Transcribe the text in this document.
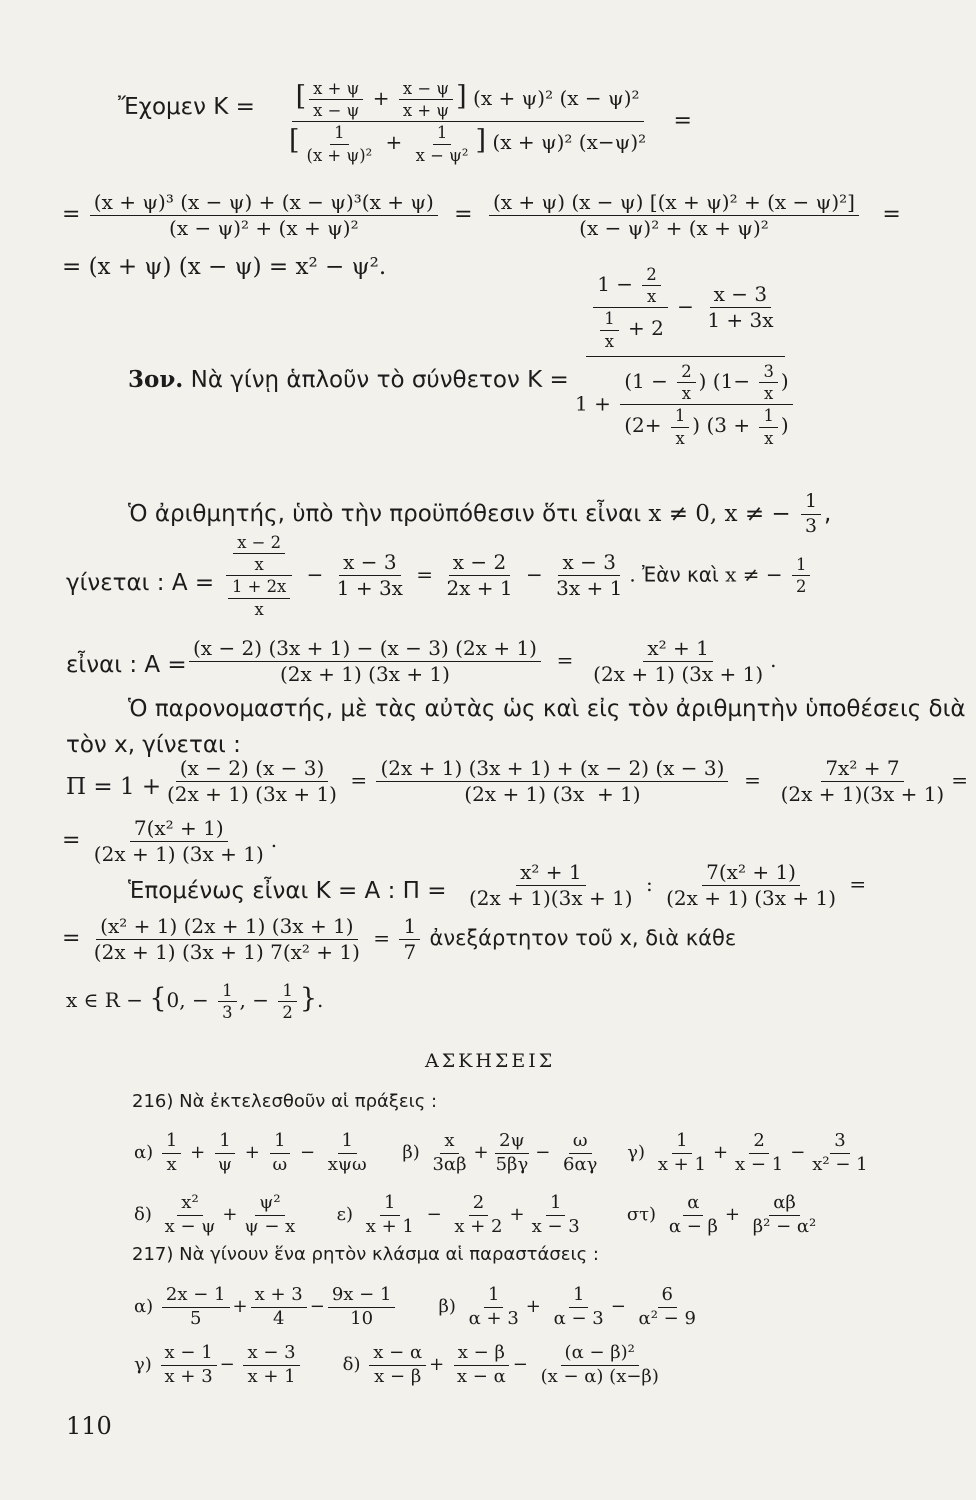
Ἔχομεν $K = \frac{[ \frac{x + \psi}{x - \psi} + \frac{x - \psi}{x + \psi} ] (x + \psi)^2 (x - \psi)^2}{[ \frac{1}{\text{(x + ψ)²}} + \frac{1}{\text{x − ψ²}} ] (x + \psi)^2 (x-\psi)^2}$ =
= $\frac{\text{(x + ψ)³ (x − ψ) + (x − ψ)³(x + ψ)}}{\text{(x − ψ)² + (x + ψ)²}} = \frac{\text{(x + ψ) (x − ψ) [(x + ψ)² + (x − ψ)²]}}{\text{(x − ψ)² + (x + ψ)²}}$ =
= (x + ψ) (x − ψ) = x² − ψ².
3ον. Νὰ γίνῃ ἁπλοῦν τὸ σύνθετον $K = \frac{\frac{1 - \frac{2}{x}}{\frac{1}{x} + 2} - \frac{x - 3}{1 + 3x}}{1 + \frac{(1 - \frac{2}{x} ) (1- \frac{3}{x} )}{(2+ \frac{1}{x} ) (3 + \frac{1}{x} )}}$
Ὁ ἀριθμητής, ὑπὸ τὴν προϋπόθεσιν ὅτι εἶναι x ≠ 0, x ≠ − $\frac{1}{3}$ ,
γίνεται : $A = \frac{\frac{x - 2}{x}}{\frac{1 + 2x}{x}} - \frac{x - 3}{1 + 3x} = \frac{x - 2}{2x + 1} - \frac{x - 3}{3x + 1}$ . Ἐὰν καὶ x ≠ − $\frac{1}{2}$
εἶναι : $A = \frac{(x - 2) (3x + 1) - (x - 3) (2x + 1)}{(2x + 1) (3x + 1)} = \frac{\text{x² + 1}}{(2x + 1) (3x + 1)}$ .
Ὁ παρονομαστής, μὲ τὰς αὐτὰς ὡς καὶ εἰς τὸν ἀριθμητὴν ὑποθέσεις διὰ
τὸν x, γίνεται :
$\Pi = 1 + \frac{(x - 2) (x - 3)}{(2x + 1) (3x + 1)} = \frac{(2x + 1) (3x + 1) + (x - 2) (x - 3)}{(2x + 1) (3x + 1)} = \frac{\text{7x² + 7}}{(2x + 1)(3x + 1)}$ =
= $\frac{\text{7(x² + 1)}}{(2x + 1) (3x + 1)}$ .
Ἑπομένως εἶναι Κ = Α : $\Pi = \frac{\text{x² + 1}}{(2x + 1)(3x + 1)}$ : $\frac{\text{7(x² + 1)}}{(2x + 1) (3x + 1)}$ =
= $\frac{\text{(x² + 1) (2x + 1) (3x + 1)}}{\text{(2x + 1) (3x + 1) 7(x² + 1)}} = \frac{1}{7}$ ἀνεξάρτητον τοῦ x, διὰ κάθε
x ∈ R − {0, − $\frac{1}{3}$ , − $\frac{1}{2}$ }.
ΑΣΚΗΣΕΙΣ
216) Νὰ ἐκτελεσθοῦν αἱ πράξεις :
$\alpha) \frac{1}{x} + \frac{1}{\psi} + \frac{1}{\omega}$ −
1
xψω
$\beta) \frac{x}{3\alpha\beta} + \frac{2\psi}{5\beta\gamma} - \frac{\omega}{6\alpha\gamma} \gamma) \frac{1}{x + 1} + \frac{2}{x - 1} - \frac{3}{\text{x² − 1}}$
$\delta) \frac{\text{x²}}{x - \psi} + \frac{\text{ψ²}}{\psi - x} \varepsilon) \frac{1}{x + 1} - \frac{2}{x + 2} + \frac{1}{x - 3} \sigma\tau) \frac{\alpha}{\alpha - \beta} + \frac{\alpha\beta}{\text{β² − α²}}$
217) Νὰ γίνουν ἕνα ρητὸν κλάσμα αἱ παραστάσεις :
$\alpha) \frac{2x - 1}{5} + \frac{x + 3}{4} - \frac{9x - 1}{10} \beta) \frac{1}{\alpha + 3} + \frac{1}{\alpha - 3} - \frac{6}{\text{α² − 9}}$
$\gamma) \frac{x - 1}{x + 3} - \frac{x - 3}{x + 1} \delta) \frac{x - \alpha}{x - \beta} + \frac{x - \beta}{x - \alpha} - \frac{\text{(α − β)²}}{(x - \alpha) (x-\beta)}$
110
